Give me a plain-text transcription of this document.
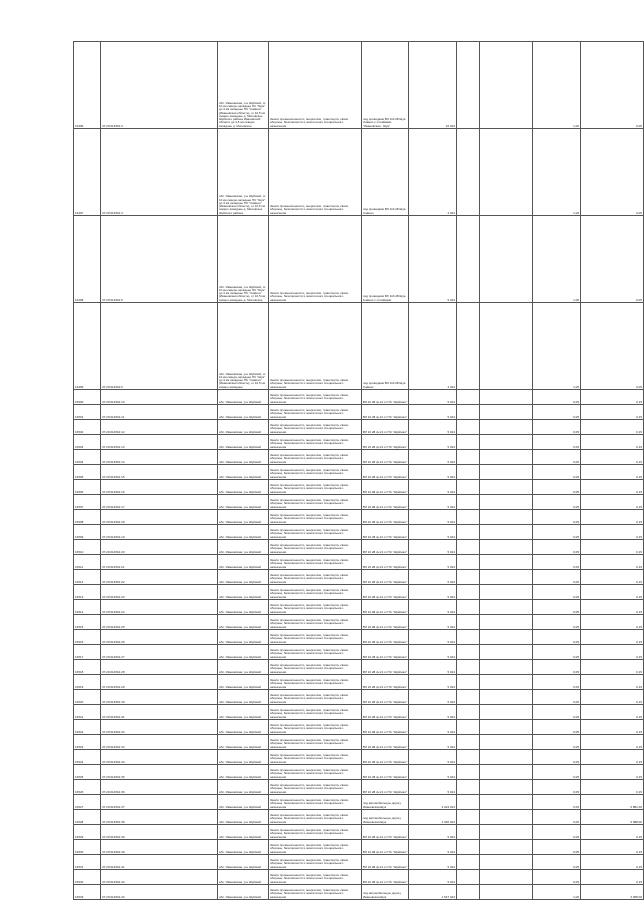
16496	37:20:014501:3	обл. Ивановская, р-н Шуйский, от 10 км северо-западнее ПС "Шуя" до 3 км западнее ПС "Савино" (Ивановская область), от 10,5 км северо-западнее д. Миловское Шуйского района Ивановской области до 3,5 км северо-западнее д. Миловское	Земли промышленности, энергетики, транспорта, связи, обороны, безопасности и земли иного специального назначения	под проводами ВЛ 110 кВ Шуя-Савино с отпайками "Ивановская - Шуя"	15 024			1,00	0,05
16497	37:20:014501:4	обл. Ивановская, р-н Шуйский, от 10 км северо-западнее ПС "Шуя" до 3 км западнее ПС "Савино" (Ивановская область), от 10,5 км северо-западнее д. Миловское Шуйского района	Земли промышленности, энергетики, транспорта, связи, обороны, безопасности и земли иного специального назначения	под проводами ВЛ 110 кВ Шуя-Савино	4 024			1,00	0,05
16498	37:20:014501:5	обл. Ивановская, р-н Шуйский, от 10 км северо-западнее ПС "Шуя" до 3 км западнее ПС "Савино" (Ивановская область), от 10,5 км северо-западнее д. Миловское	Земли промышленности, энергетики, транспорта, связи, обороны, безопасности и земли иного специального назначения	под проводами ВЛ 110 кВ Шуя-Савино с отпайками	5 024			1,00	0,05
16499	37:20:014501:6	обл. Ивановская, р-н Шуйский, от 10 км северо-западнее ПС "Шуя" до 3 км западнее ПС "Савино" (Ивановская область), от 10,5 км северо-западнее	Земли промышленности, энергетики, транспорта, связи, обороны, безопасности и земли иного специального назначения	под проводами ВЛ 110 кВ Шуя-Савино	4 024			1,00	0,05
16500	37:20:014501:10	обл. Ивановская, р-н Шуйский	Земли промышленности, энергетики, транспорта, связи, обороны, безопасности и земли иного специального назначения	ВЛ 10 кВ ф-13 от ПС "Шуйская"	5 024			0,05	0,15
16501	37:20:014501:11	обл. Ивановская, р-н Шуйский	Земли промышленности, энергетики, транспорта, связи, обороны, безопасности и земли иного специального назначения	ВЛ 10 кВ ф-13 от ПС "Шуйская"	5 024			0,05	0,15
16502	37:20:014501:12	обл. Ивановская, р-н Шуйский	Земли промышленности, энергетики, транспорта, связи, обороны, безопасности и земли иного специального назначения	ВЛ 10 кВ ф-13 от ПС "Шуйская"	5 024			0,05	0,15
16503	37:20:014501:13	обл. Ивановская, р-н Шуйский	Земли промышленности, энергетики, транспорта, связи, обороны, безопасности и земли иного специального назначения	ВЛ 10 кВ ф-13 от ПС "Шуйская"	5 024			0,05	0,15
16504	37:20:014501:14	обл. Ивановская, р-н Шуйский	Земли промышленности, энергетики, транспорта, связи, обороны, безопасности и земли иного специального назначения	ВЛ 10 кВ ф-13 от ПС "Шуйская"	5 024			0,05	0,15
16505	37:20:014501:15	обл. Ивановская, р-н Шуйский	Земли промышленности, энергетики, транспорта, связи, обороны, безопасности и земли иного специального назначения	ВЛ 10 кВ ф-13 от ПС "Шуйская"	5 024			0,05	0,15
16506	37:20:014501:16	обл. Ивановская, р-н Шуйский	Земли промышленности, энергетики, транспорта, связи, обороны, безопасности и земли иного специального назначения	ВЛ 10 кВ ф-13 от ПС "Шуйская"	5 024			0,05	0,15
16507	37:20:014501:17	обл. Ивановская, р-н Шуйский	Земли промышленности, энергетики, транспорта, связи, обороны, безопасности и земли иного специального назначения	ВЛ 10 кВ ф-13 от ПС "Шуйская"	5 024			0,05	0,15
16508	37:20:014501:18	обл. Ивановская, р-н Шуйский	Земли промышленности, энергетики, транспорта, связи, обороны, безопасности и земли иного специального назначения	ВЛ 10 кВ ф-13 от ПС "Шуйская"	5 024			0,05	0,15
16509	37:20:014501:19	обл. Ивановская, р-н Шуйский	Земли промышленности, энергетики, транспорта, связи, обороны, безопасности и земли иного специального назначения	ВЛ 10 кВ ф-13 от ПС "Шуйская"	5 024			0,05	0,15
16510	37:20:014501:20	обл. Ивановская, р-н Шуйский	Земли промышленности, энергетики, транспорта, связи, обороны, безопасности и земли иного специального назначения	ВЛ 10 кВ ф-13 от ПС "Шуйская"	5 024			0,05	0,15
16511	37:20:014501:21	обл. Ивановская, р-н Шуйский	Земли промышленности, энергетики, транспорта, связи, обороны, безопасности и земли иного специального назначения	ВЛ 10 кВ ф-13 от ПС "Шуйская"	5 024			0,05	0,15
16512	37:20:014501:22	обл. Ивановская, р-н Шуйский	Земли промышленности, энергетики, транспорта, связи, обороны, безопасности и земли иного специального назначения	ВЛ 10 кВ ф-13 от ПС "Шуйская"	5 024			0,05	0,15
16513	37:20:014501:23	обл. Ивановская, р-н Шуйский	Земли промышленности, энергетики, транспорта, связи, обороны, безопасности и земли иного специального назначения	ВЛ 10 кВ ф-13 от ПС "Шуйская"	5 024			0,05	0,15
16514	37:20:014501:24	обл. Ивановская, р-н Шуйский	Земли промышленности, энергетики, транспорта, связи, обороны, безопасности и земли иного специального назначения	ВЛ 10 кВ ф-13 от ПС "Шуйская"	5 024			0,05	0,15
16515	37:20:014501:25	обл. Ивановская, р-н Шуйский	Земли промышленности, энергетики, транспорта, связи, обороны, безопасности и земли иного специального назначения	ВЛ 10 кВ ф-13 от ПС "Шуйская"	5 024			0,05	0,15
16516	37:20:014501:26	обл. Ивановская, р-н Шуйский	Земли промышленности, энергетики, транспорта, связи, обороны, безопасности и земли иного специального назначения	ВЛ 10 кВ ф-13 от ПС "Шуйская"	5 024			0,05	0,15
16517	37:20:014501:27	обл. Ивановская, р-н Шуйский	Земли промышленности, энергетики, транспорта, связи, обороны, безопасности и земли иного специального назначения	ВЛ 10 кВ ф-13 от ПС "Шуйская"	5 024			0,05	0,15
16518	37:20:014501:28	обл. Ивановская, р-н Шуйский	Земли промышленности, энергетики, транспорта, связи, обороны, безопасности и земли иного специального назначения	ВЛ 10 кВ ф-13 от ПС "Шуйская"	5 024			0,05	0,15
16519	37:20:014501:29	обл. Ивановская, р-н Шуйский	Земли промышленности, энергетики, транспорта, связи, обороны, безопасности и земли иного специального назначения	ВЛ 10 кВ ф-13 от ПС "Шуйская"	5 024			0,05	0,15
16520	37:20:014501:30	обл. Ивановская, р-н Шуйский	Земли промышленности, энергетики, транспорта, связи, обороны, безопасности и земли иного специального назначения	ВЛ 10 кВ ф-13 от ПС "Шуйская"	5 024			0,05	0,15
16521	37:20:014501:31	обл. Ивановская, р-н Шуйский	Земли промышленности, энергетики, транспорта, связи, обороны, безопасности и земли иного специального назначения	ВЛ 10 кВ ф-13 от ПС "Шуйская"	5 024			0,05	0,15
16522	37:20:014501:32	обл. Ивановская, р-н Шуйский	Земли промышленности, энергетики, транспорта, связи, обороны, безопасности и земли иного специального назначения	ВЛ 10 кВ ф-13 от ПС "Шуйская"	5 024			0,05	0,15
16523	37:20:014501:33	обл. Ивановская, р-н Шуйский	Земли промышленности, энергетики, транспорта, связи, обороны, безопасности и земли иного специального назначения	ВЛ 10 кВ ф-13 от ПС "Шуйская"	5 024			0,05	0,15
16524	37:20:014501:34	обл. Ивановская, р-н Шуйский	Земли промышленности, энергетики, транспорта, связи, обороны, безопасности и земли иного специального назначения	ВЛ 10 кВ ф-13 от ПС "Шуйская"	5 024			0,05	0,15
16525	37:20:014501:35	обл. Ивановская, р-н Шуйский	Земли промышленности, энергетики, транспорта, связи, обороны, безопасности и земли иного специального назначения	ВЛ 10 кВ ф-13 от ПС "Шуйская"	5 024			0,05	0,15
16526	37:20:014501:36	обл. Ивановская, р-н Шуйский	Земли промышленности, энергетики, транспорта, связи, обороны, безопасности и земли иного специального назначения	ВЛ 10 кВ ф-13 от ПС "Шуйская"	5 024			0,05	0,15
16527	37:20:014501:37	обл. Ивановская, р-н Шуйский	Земли промышленности, энергетики, транспорта, связи, обороны, безопасности и земли иного специального назначения	под автомобильную дорогу Ивановская-Шуя	2 024 024			0,05	6 881,00
16528	37:20:014501:38	обл. Ивановская, р-н Шуйский	Земли промышленности, энергетики, транспорта, связи, обороны, безопасности и земли иного специального назначения	под автомобильную дорогу Ивановская-Шуя	1 630 024			0,05	5 088,00
16529	37:20:014501:39	обл. Ивановская, р-н Шуйский	Земли промышленности, энергетики, транспорта, связи, обороны, безопасности и земли иного специального назначения	ВЛ 10 кВ ф-13 от ПС "Шуйская"	5 024			0,05	0,15
16530	37:20:014501:40	обл. Ивановская, р-н Шуйский	Земли промышленности, энергетики, транспорта, связи, обороны, безопасности и земли иного специального назначения	ВЛ 10 кВ ф-13 от ПС "Шуйская"	5 024			0,05	0,15
16531	37:20:014501:41	обл. Ивановская, р-н Шуйский	Земли промышленности, энергетики, транспорта, связи, обороны, безопасности и земли иного специального назначения	ВЛ 10 кВ ф-13 от ПС "Шуйская"	5 024			0,05	0,15
16532	37:20:014501:42	обл. Ивановская, р-н Шуйский	Земли промышленности, энергетики, транспорта, связи, обороны, безопасности и земли иного специального назначения	ВЛ 10 кВ ф-13 от ПС "Шуйская"	5 024			0,05	0,15
16533	37:20:014501:43	обл. Ивановская, р-н Шуйский	Земли промышленности, энергетики, транспорта, связи, обороны, безопасности и земли иного специального назначения	под автомобильную дорогу Ивановская-Шуя	1 547 024			1,00	3 968,00
